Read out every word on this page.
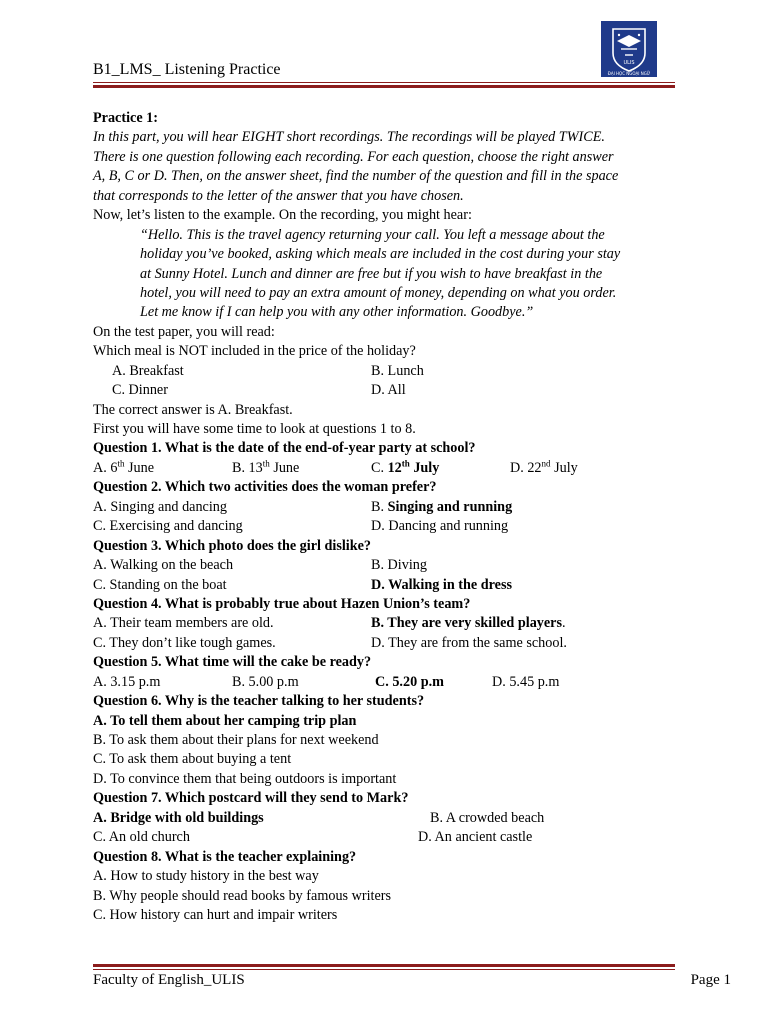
B1_LMS_ Listening Practice	ULIS
ĐẠI HỌC NGOẠI NGỮ
Practice 1:
In this part, you will hear EIGHT short recordings. The recordings will be played TWICE.
There is one question following each recording. For each question, choose the right answer
A, B, C or D. Then, on the answer sheet, find the number of the question and fill in the space
that corresponds to the letter of the answer that you have chosen.
Now, let’s listen to the example. On the recording, you might hear:
“Hello. This is the travel agency returning your call. You left a message about the
holiday you’ve booked, asking which meals are included in the cost during your stay
at Sunny Hotel. Lunch and dinner are free but if you wish to have breakfast in the
hotel, you will need to pay an extra amount of money, depending on what you order.
Let me know if I can help you with any other information. Goodbye.”
On the test paper, you will read:
Which meal is NOT included in the price of the holiday?
A. Breakfast	B. Lunch
C. Dinner	D. All
The correct answer is A. Breakfast.
First you will have some time to look at questions 1 to 8.
Question 1. What is the date of the end-of-year party at school?
A. 6th June	B. 13th June	C. 12th July	D. 22nd July
Question 2. Which two activities does the woman prefer?
A. Singing and dancing	B. Singing and running
C. Exercising and dancing	D. Dancing and running
Question 3. Which photo does the girl dislike?
A. Walking on the beach	B. Diving
C. Standing on the boat	D. Walking in the dress
Question 4. What is probably true about Hazen Union’s team?
A. Their team members are old.	B. They are very skilled players.
C. They don’t like tough games.	D. They are from the same school.
Question 5. What time will the cake be ready?
A. 3.15 p.m	B. 5.00 p.m	C. 5.20 p.m	D. 5.45 p.m
Question 6. Why is the teacher talking to her students?
A. To tell them about her camping trip plan
B. To ask them about their plans for next weekend
C. To ask them about buying a tent
D. To convince them that being outdoors is important
Question 7. Which postcard will they send to Mark?
A. Bridge with old buildings	B. A crowded beach
C. An old church	D. An ancient castle
Question 8. What is the teacher explaining?
A. How to study history in the best way
B. Why people should read books by famous writers
C. How history can hurt and impair writers
Faculty of English_ULIS	Page 1
